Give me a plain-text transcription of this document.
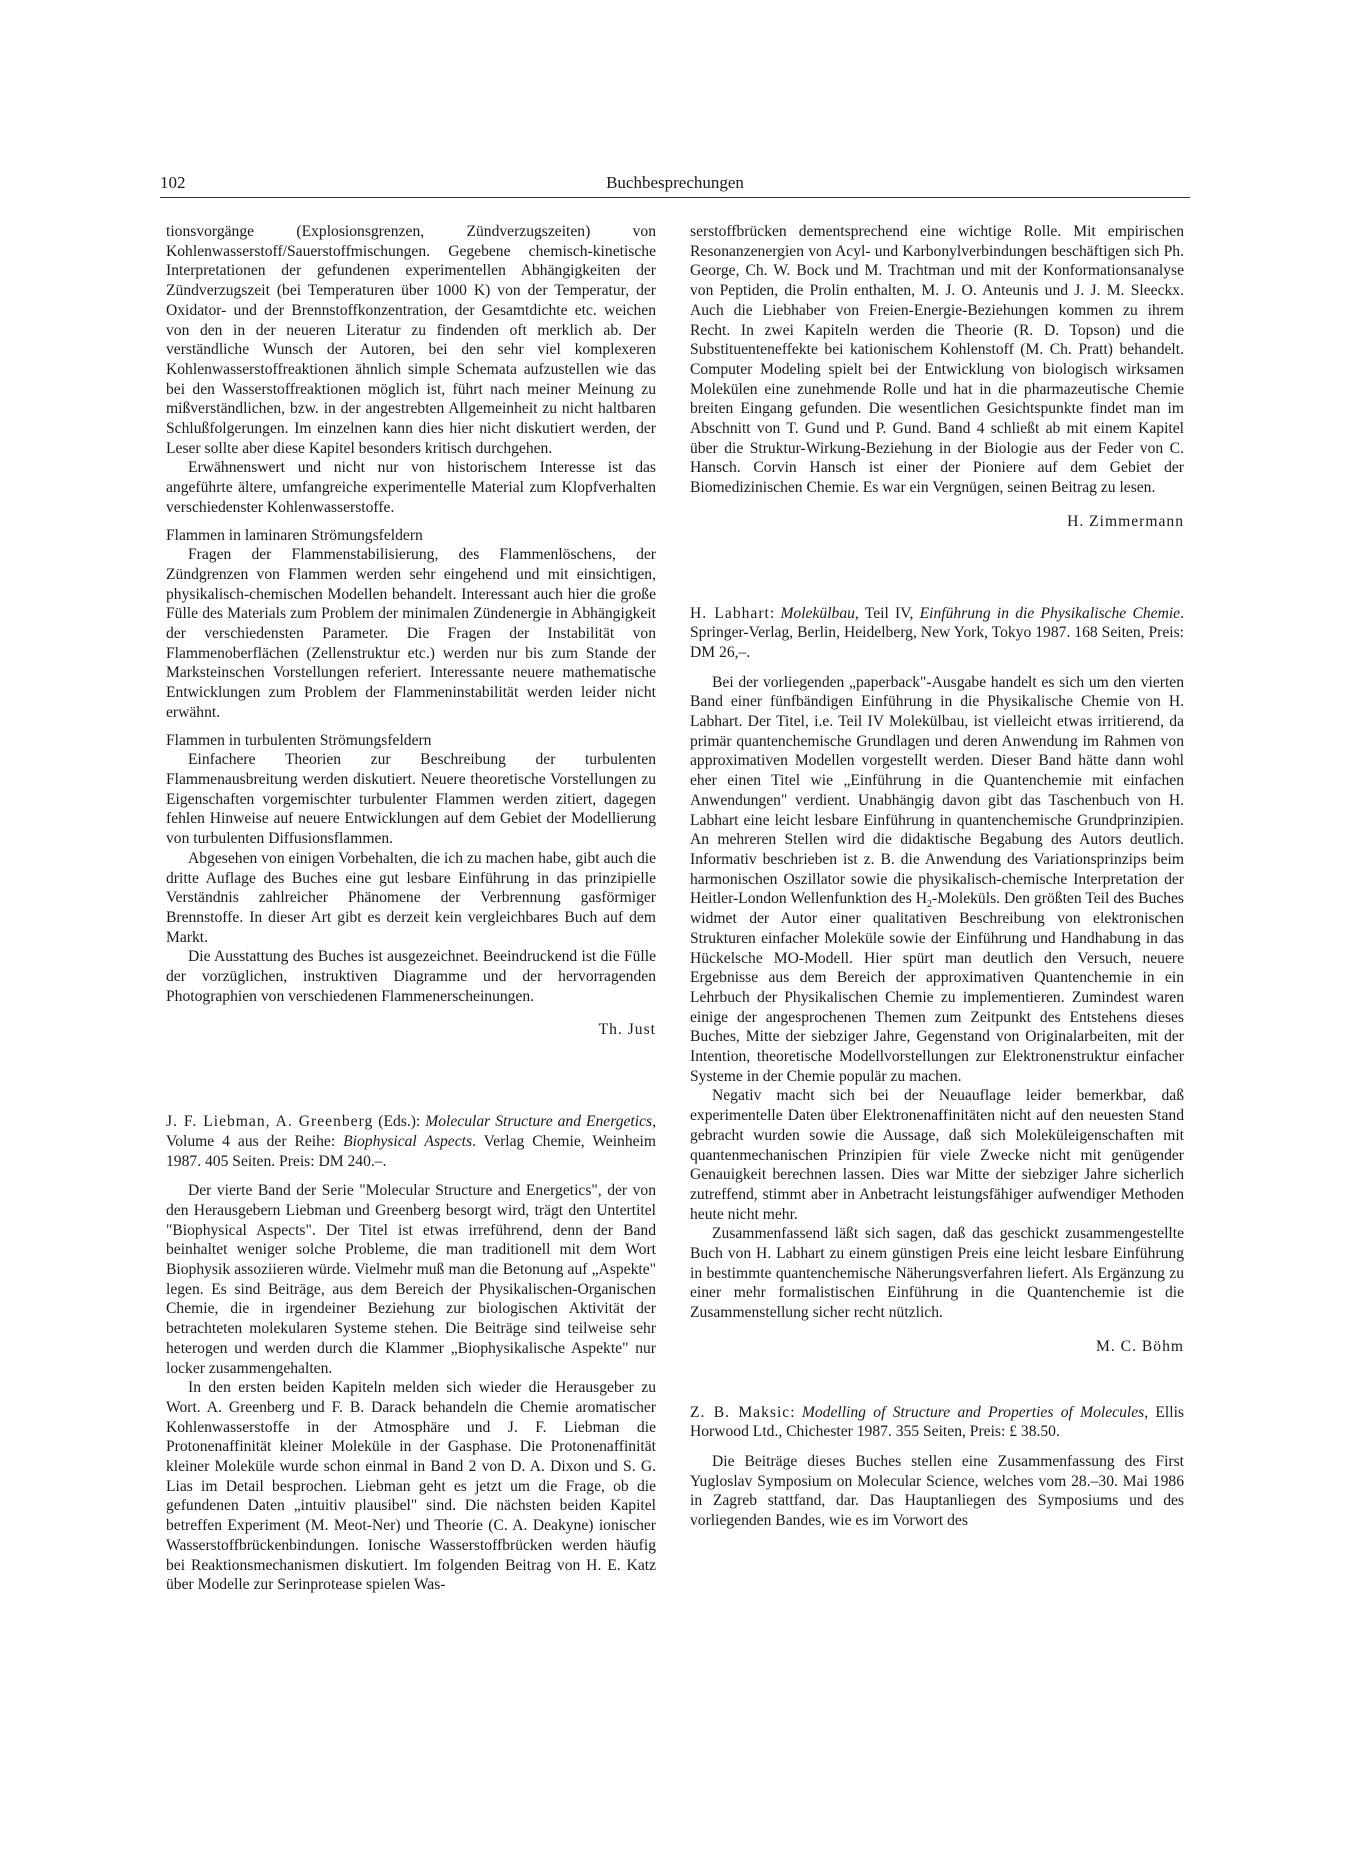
102	Buchbesprechungen

tionsvorgänge (Explosionsgrenzen, Zündverzugszeiten) von Kohlenwasserstoff/Sauerstoffmischungen. Gegebene chemisch-kinetische Interpretationen der gefundenen experimentellen Abhängigkeiten der Zündverzugszeit (bei Temperaturen über 1000 K) von der Temperatur, der Oxidator- und der Brennstoffkonzentration, der Gesamtdichte etc. weichen von den in der neueren Literatur zu findenden oft merklich ab. Der verständliche Wunsch der Autoren, bei den sehr viel komplexeren Kohlenwasserstoffreaktionen ähnlich simple Schemata aufzustellen wie das bei den Wasserstoffreaktionen möglich ist, führt nach meiner Meinung zu mißverständlichen, bzw. in der angestrebten Allgemeinheit zu nicht haltbaren Schlußfolgerungen. Im einzelnen kann dies hier nicht diskutiert werden, der Leser sollte aber diese Kapitel besonders kritisch durchgehen.

Erwähnenswert und nicht nur von historischem Interesse ist das angeführte ältere, umfangreiche experimentelle Material zum Klopfverhalten verschiedenster Kohlenwasserstoffe.

Flammen in laminaren Strömungsfeldern

Fragen der Flammenstabilisierung, des Flammenlöschens, der Zündgrenzen von Flammen werden sehr eingehend und mit einsichtigen, physikalisch-chemischen Modellen behandelt. Interessant auch hier die große Fülle des Materials zum Problem der minimalen Zündenergie in Abhängigkeit der verschiedensten Parameter. Die Fragen der Instabilität von Flammenoberflächen (Zellenstruktur etc.) werden nur bis zum Stande der Marksteinschen Vorstellungen referiert. Interessante neuere mathematische Entwicklungen zum Problem der Flammeninstabilität werden leider nicht erwähnt.

Flammen in turbulenten Strömungsfeldern

Einfachere Theorien zur Beschreibung der turbulenten Flammenausbreitung werden diskutiert. Neuere theoretische Vorstellungen zu Eigenschaften vorgemischter turbulenter Flammen werden zitiert, dagegen fehlen Hinweise auf neuere Entwicklungen auf dem Gebiet der Modellierung von turbulenten Diffusionsflammen.

Abgesehen von einigen Vorbehalten, die ich zu machen habe, gibt auch die dritte Auflage des Buches eine gut lesbare Einführung in das prinzipielle Verständnis zahlreicher Phänomene der Verbrennung gasförmiger Brennstoffe. In dieser Art gibt es derzeit kein vergleichbares Buch auf dem Markt.

Die Ausstattung des Buches ist ausgezeichnet. Beeindruckend ist die Fülle der vorzüglichen, instruktiven Diagramme und der hervorragenden Photographien von verschiedenen Flammenerscheinungen.

Th. Just

J. F. Liebman, A. Greenberg (Eds.): Molecular Structure and Energetics, Volume 4 aus der Reihe: Biophysical Aspects. Verlag Chemie, Weinheim 1987. 405 Seiten. Preis: DM 240.–.

Der vierte Band der Serie "Molecular Structure and Energetics", der von den Herausgebern Liebman und Greenberg besorgt wird, trägt den Untertitel "Biophysical Aspects". Der Titel ist etwas irreführend, denn der Band beinhaltet weniger solche Probleme, die man traditionell mit dem Wort Biophysik assoziieren würde. Vielmehr muß man die Betonung auf „Aspekte" legen. Es sind Beiträge, aus dem Bereich der Physikalischen-Organischen Chemie, die in irgendeiner Beziehung zur biologischen Aktivität der betrachteten molekularen Systeme stehen. Die Beiträge sind teilweise sehr heterogen und werden durch die Klammer „Biophysikalische Aspekte" nur locker zusammengehalten.

In den ersten beiden Kapiteln melden sich wieder die Herausgeber zu Wort. A. Greenberg und F. B. Darack behandeln die Chemie aromatischer Kohlenwasserstoffe in der Atmosphäre und J. F. Liebman die Protonenaffinität kleiner Moleküle in der Gasphase. Die Protonenaffinität kleiner Moleküle wurde schon einmal in Band 2 von D. A. Dixon und S. G. Lias im Detail besprochen. Liebman geht es jetzt um die Frage, ob die gefundenen Daten „intuitiv plausibel" sind. Die nächsten beiden Kapitel betreffen Experiment (M. Meot-Ner) und Theorie (C. A. Deakyne) ionischer Wasserstoffbrückenbindungen. Ionische Wasserstoffbrücken werden häufig bei Reaktionsmechanismen diskutiert. Im folgenden Beitrag von H. E. Katz über Modelle zur Serinprotease spielen Was-

serstoffbrücken dementsprechend eine wichtige Rolle. Mit empirischen Resonanzenergien von Acyl- und Karbonylverbindungen beschäftigen sich Ph. George, Ch. W. Bock und M. Trachtman und mit der Konformationsanalyse von Peptiden, die Prolin enthalten, M. J. O. Anteunis und J. J. M. Sleeckx. Auch die Liebhaber von Freien-Energie-Beziehungen kommen zu ihrem Recht. In zwei Kapiteln werden die Theorie (R. D. Topson) und die Substituenteneffekte bei kationischem Kohlenstoff (M. Ch. Pratt) behandelt. Computer Modeling spielt bei der Entwicklung von biologisch wirksamen Molekülen eine zunehmende Rolle und hat in die pharmazeutische Chemie breiten Eingang gefunden. Die wesentlichen Gesichtspunkte findet man im Abschnitt von T. Gund und P. Gund. Band 4 schließt ab mit einem Kapitel über die Struktur-Wirkung-Beziehung in der Biologie aus der Feder von C. Hansch. Corvin Hansch ist einer der Pioniere auf dem Gebiet der Biomedizinischen Chemie. Es war ein Vergnügen, seinen Beitrag zu lesen.

H. Zimmermann

H. Labhart: Molekülbau, Teil IV, Einführung in die Physikalische Chemie. Springer-Verlag, Berlin, Heidelberg, New York, Tokyo 1987. 168 Seiten, Preis: DM 26,–.

Bei der vorliegenden „paperback"-Ausgabe handelt es sich um den vierten Band einer fünfbändigen Einführung in die Physikalische Chemie von H. Labhart. Der Titel, i.e. Teil IV Molekülbau, ist vielleicht etwas irritierend, da primär quantenchemische Grundlagen und deren Anwendung im Rahmen von approximativen Modellen vorgestellt werden. Dieser Band hätte dann wohl eher einen Titel wie „Einführung in die Quantenchemie mit einfachen Anwendungen" verdient. Unabhängig davon gibt das Taschenbuch von H. Labhart eine leicht lesbare Einführung in quantenchemische Grundprinzipien. An mehreren Stellen wird die didaktische Begabung des Autors deutlich. Informativ beschrieben ist z. B. die Anwendung des Variationsprinzips beim harmonischen Oszillator sowie die physikalisch-chemische Interpretation der Heitler-London Wellenfunktion des $H_2$-Moleküls. Den größten Teil des Buches widmet der Autor einer qualitativen Beschreibung von elektronischen Strukturen einfacher Moleküle sowie der Einführung und Handhabung in das Hückelsche MO-Modell. Hier spürt man deutlich den Versuch, neuere Ergebnisse aus dem Bereich der approximativen Quantenchemie in ein Lehrbuch der Physikalischen Chemie zu implementieren. Zumindest waren einige der angesprochenen Themen zum Zeitpunkt des Entstehens dieses Buches, Mitte der siebziger Jahre, Gegenstand von Originalarbeiten, mit der Intention, theoretische Modellvorstellungen zur Elektronenstruktur einfacher Systeme in der Chemie populär zu machen.

Negativ macht sich bei der Neuauflage leider bemerkbar, daß experimentelle Daten über Elektronenaffinitäten nicht auf den neuesten Stand gebracht wurden sowie die Aussage, daß sich Moleküleigenschaften mit quantenmechanischen Prinzipien für viele Zwecke nicht mit genügender Genauigkeit berechnen lassen. Dies war Mitte der siebziger Jahre sicherlich zutreffend, stimmt aber in Anbetracht leistungsfähiger aufwendiger Methoden heute nicht mehr.

Zusammenfassend läßt sich sagen, daß das geschickt zusammengestellte Buch von H. Labhart zu einem günstigen Preis eine leicht lesbare Einführung in bestimmte quantenchemische Näherungsverfahren liefert. Als Ergänzung zu einer mehr formalistischen Einführung in die Quantenchemie ist die Zusammenstellung sicher recht nützlich.

M. C. Böhm

Z. B. Maksic: Modelling of Structure and Properties of Molecules, Ellis Horwood Ltd., Chichester 1987. 355 Seiten, Preis: £ 38.50.

Die Beiträge dieses Buches stellen eine Zusammenfassung des First Yugloslav Symposium on Molecular Science, welches vom 28.–30. Mai 1986 in Zagreb stattfand, dar. Das Hauptanliegen des Symposiums und des vorliegenden Bandes, wie es im Vorwort des
